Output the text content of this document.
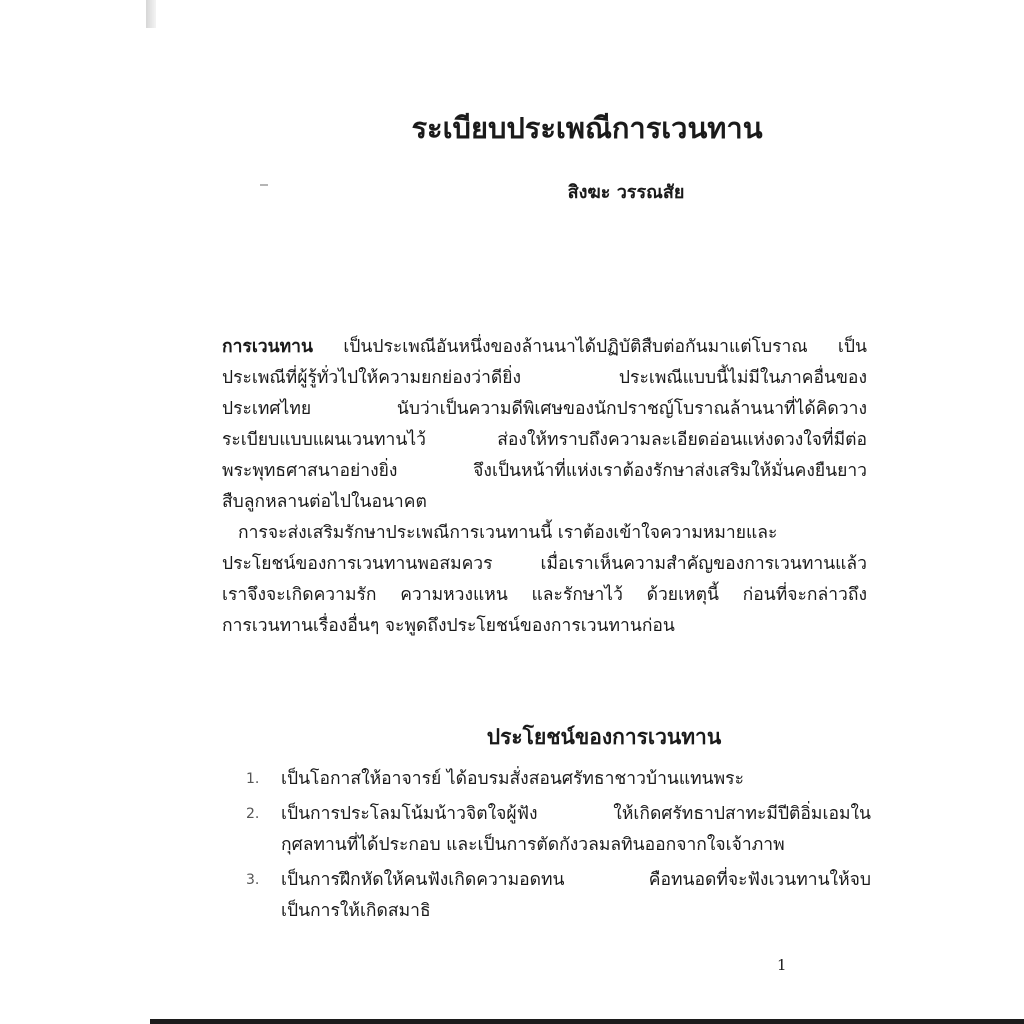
ระเบียบประเพณีการเวนทาน
สิงฆะ วรรณสัย
การเวนทาน เป็นประเพณีอันหนึ่งของล้านนาได้ปฏิบัติสืบต่อกันมาแต่โบราณ เป็น
ประเพณีที่ผู้รู้ทั่วไปให้ความยกย่องว่าดียิ่ง ประเพณีแบบนี้ไม่มีในภาคอื่นของ
ประเทศไทย นับว่าเป็นความดีพิเศษของนักปราชญ์โบราณล้านนาที่ได้คิดวาง
ระเบียบแบบแผนเวนทานไว้ ส่องให้ทราบถึงความละเอียดอ่อนแห่งดวงใจที่มีต่อ
พระพุทธศาสนาอย่างยิ่ง จึงเป็นหน้าที่แห่งเราต้องรักษาส่งเสริมให้มั่นคงยืนยาว
สืบลูกหลานต่อไปในอนาคต
การจะส่งเสริมรักษาประเพณีการเวนทานนี้ เราต้องเข้าใจความหมายและ
ประโยชน์ของการเวนทานพอสมควร เมื่อเราเห็นความสำคัญของการเวนทานแล้ว
เราจึงจะเกิดความรัก ความหวงแหน และรักษาไว้ ด้วยเหตุนี้ ก่อนที่จะกล่าวถึง
การเวนทานเรื่องอื่นๆ จะพูดถึงประโยชน์ของการเวนทานก่อน
ประโยชน์ของการเวนทาน
1. เป็นโอกาสให้อาจารย์ ได้อบรมสั่งสอนศรัทธาชาวบ้านแทนพระ
2. เป็นการประโลมโน้มน้าวจิตใจผู้ฟัง ให้เกิดศรัทธาปสาทะมีปีติอิ่มเอมใน
กุศลทานที่ได้ประกอบ และเป็นการตัดกังวลมลทินออกจากใจเจ้าภาพ
3. เป็นการฝึกหัดให้คนฟังเกิดความอดทน คือทนอดที่จะฟังเวนทานให้จบ
เป็นการให้เกิดสมาธิ
1
